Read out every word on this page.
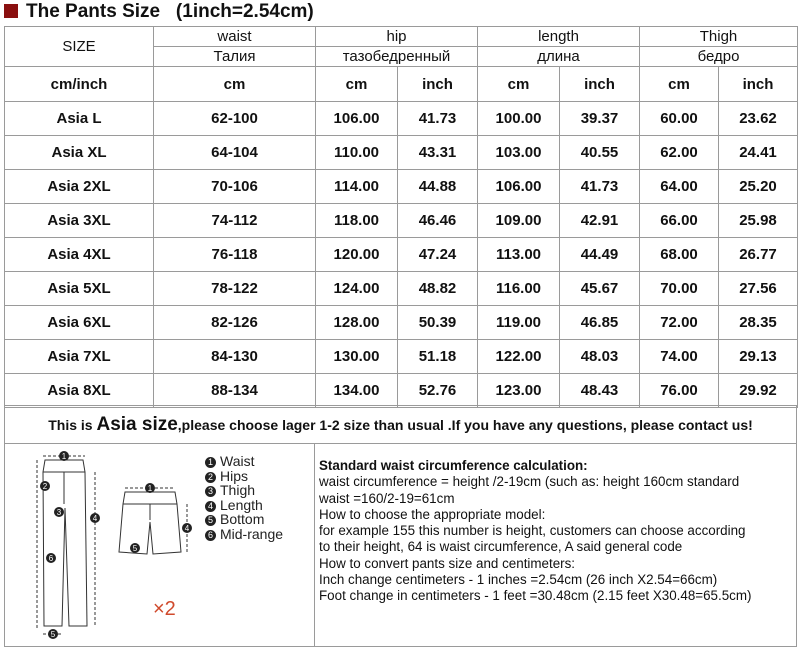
The Pants Size   (1inch=2.54cm)
SIZE	waist	hip		length		Thigh	
	Талия	тазобедренный		длина		бедро	
cm/inch	cm	cm	inch	cm	inch	cm	inch
Asia L	62-100	106.00	41.73	100.00	39.37	60.00	23.62
Asia XL	64-104	110.00	43.31	103.00	40.55	62.00	24.41
Asia 2XL	70-106	114.00	44.88	106.00	41.73	64.00	25.20
Asia 3XL	74-112	118.00	46.46	109.00	42.91	66.00	25.98
Asia 4XL	76-118	120.00	47.24	113.00	44.49	68.00	26.77
Asia 5XL	78-122	124.00	48.82	116.00	45.67	70.00	27.56
Asia 6XL	82-126	128.00	50.39	119.00	46.85	72.00	28.35
Asia 7XL	84-130	130.00	51.18	122.00	48.03	74.00	29.13
Asia 8XL	88-134	134.00	52.76	123.00	48.43	76.00	29.92
This is Asia size,please choose lager 1-2 size than usual .If you have any questions, please contact us!
1
2
3
4
5
6
1
4
5
1 Waist
2 Hips
3 Thigh
4 Length
5 Bottom
6 Mid-range
×2
Standard waist circumference calculation:
waist circumference = height /2-19cm (such as: height 160cm standard
waist =160/2-19=61cm
How to choose the appropriate model:
for example 155 this number is height, customers can choose according
to their height, 64 is waist circumference, A said general code
How to convert pants size and centimeters:
Inch change centimeters - 1 inches =2.54cm (26 inch X2.54=66cm)
Foot change in centimeters - 1 feet =30.48cm (2.15 feet X30.48=65.5cm)
